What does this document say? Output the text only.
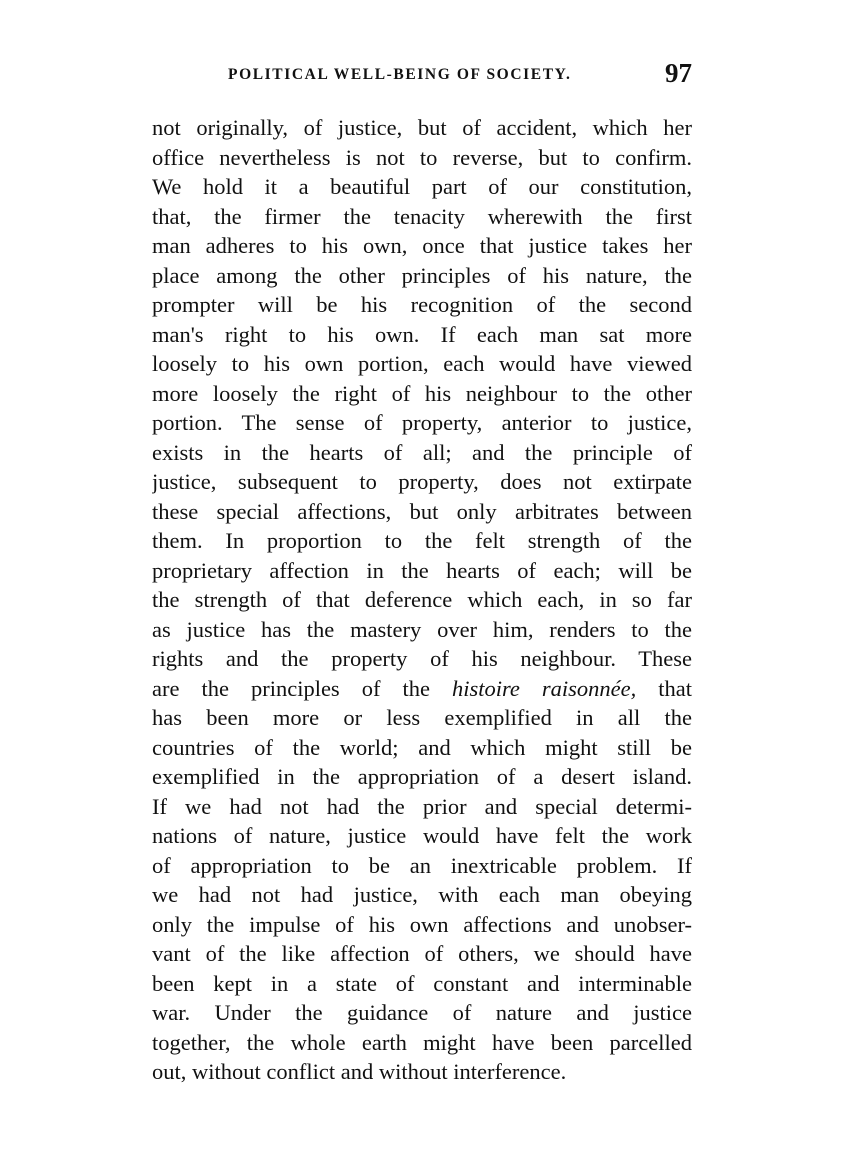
POLITICAL WELL-BEING OF SOCIETY.	97
not originally, of justice, but of accident, which her
office nevertheless is not to reverse, but to confirm.
We hold it a beautiful part of our constitution,
that, the firmer the tenacity wherewith the first
man adheres to his own, once that justice takes her
place among the other principles of his nature, the
prompter will be his recognition of the second
man's right to his own. If each man sat more
loosely to his own portion, each would have viewed
more loosely the right of his neighbour to the other
portion. The sense of property, anterior to justice,
exists in the hearts of all; and the principle of
justice, subsequent to property, does not extirpate
these special affections, but only arbitrates between
them. In proportion to the felt strength of the
proprietary affection in the hearts of each; will be
the strength of that deference which each, in so far
as justice has the mastery over him, renders to the
rights and the property of his neighbour. These
are the principles of the histoire raisonnée, that
has been more or less exemplified in all the
countries of the world; and which might still be
exemplified in the appropriation of a desert island.
If we had not had the prior and special determi-
nations of nature, justice would have felt the work
of appropriation to be an inextricable problem. If
we had not had justice, with each man obeying
only the impulse of his own affections and unobser-
vant of the like affection of others, we should have
been kept in a state of constant and interminable
war. Under the guidance of nature and justice
together, the whole earth might have been parcelled
out, without conflict and without interference.
